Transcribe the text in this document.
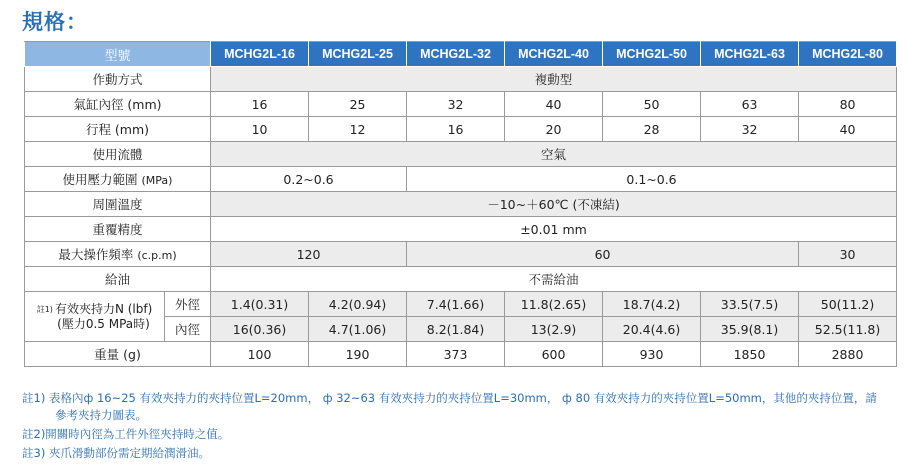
規格：
型號		MCHG2L-16	MCHG2L-25	MCHG2L-32	MCHG2L-40	MCHG2L-50	MCHG2L-63	MCHG2L-80
作動方式		複動型						
氣缸內徑 (mm)		16	25	32	40	50	63	80
行程 (mm)		10	12	16	20	28	32	40
使用流體		空氣						
使用壓力範圍 (MPa)		0.2~0.6		0.1~0.6				
周圍溫度		－10~＋60℃ (不凍結)						
重覆精度		±0.01 mm						
最大操作頻率 (c.p.m)		120		60				30
給油		不需給油						

註1) 有效夾持力N (lbf)
(壓力0.5 MPa時)	外徑	1.4(0.31)	4.2(0.94)	7.4(1.66)	11.8(2.65)	18.7(4.2)	33.5(7.5)	50(11.2)
	內徑	16(0.36)	4.7(1.06)	8.2(1.84)	13(2.9)	20.4(4.6)	35.9(8.1)	52.5(11.8)
重量 (g)		100	190	373	600	930	1850	2880
註1) 表格內ф 16~25 有效夾持力的夾持位置L=20mm， ф 32~63 有效夾持力的夾持位置L=30mm， ф 80 有效夾持力的夾持位置L=50mm，其他的夾持位置，請
參考夾持力圖表。
註2)開關時內徑為工件外徑夾持時之值。
註3) 夾爪滑動部份需定期給潤滑油。
